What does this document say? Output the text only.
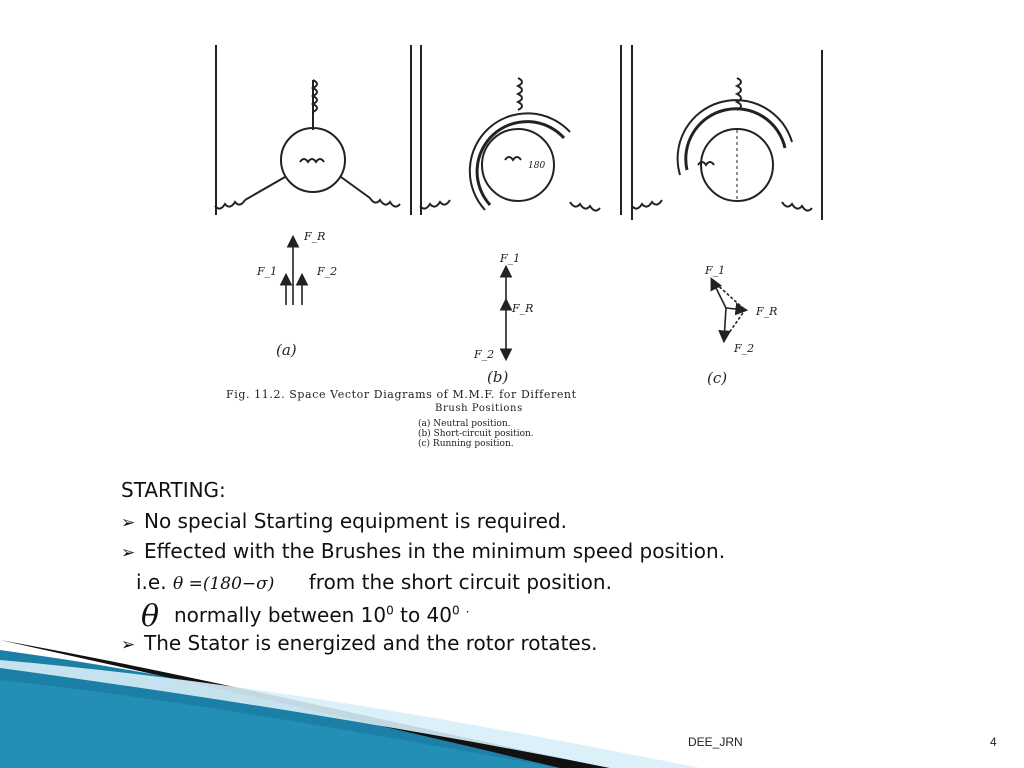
180
F_R
F_1	F_2
(a)
F_1
F_R
F_2
(b)
F_1
F_R
F_2
(c)
Fig. 11.2. Space Vector Diagrams of M.M.F. for Different
Brush Positions
(a) Neutral position.
(b) Short-circuit position.
(c) Running position.
STARTING:
➢ No special Starting equipment is required.
➢ Effected with the Brushes in the minimum speed position.
i.e. θ =(180−σ) from the short circuit position.
θnormally between $10^0$ to $40^0$ ·
➢ The Stator is energized and the rotor rotates.
DEE_JRN	4
